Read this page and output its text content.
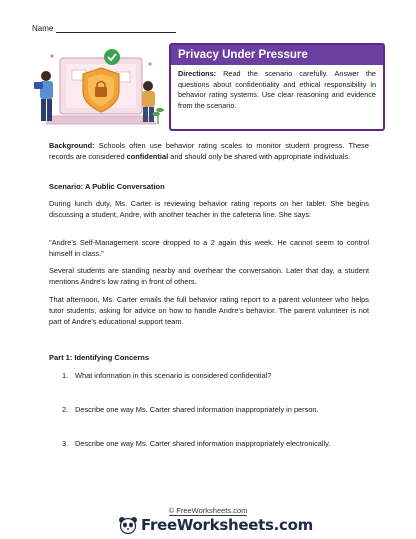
Name
Privacy Under Pressure
Directions: Read the scenario carefully. Answer the questions about confidentiality and ethical responsibility in behavior rating systems. Use clear reasoning and evidence from the scenario.

Background: Schools often use behavior rating scales to monitor student progress. These records are considered confidential and should only be shared with appropriate individuals.

Scenario: A Public Conversation
During lunch duty, Ms. Carter is reviewing behavior rating reports on her tablet. She begins discussing a student, Andre, with another teacher in the cafeteria line. She says:
"Andre's Self-Management score dropped to a 2 again this week. He cannot seem to control himself in class."
Several students are standing nearby and overhear the conversation. Later that day, a student mentions Andre's low rating in front of others.
That afternoon, Ms. Carter emails the full behavior rating report to a parent volunteer who helps tutor students, asking for advice on how to handle Andre's behavior. The parent volunteer is not part of Andre's educational support team.
Part 1: Identifying Concerns
1. What information in this scenario is considered confidential?
2. Describe one way Ms. Carter shared information inappropriately in person.
3. Describe one way Ms. Carter shared information inappropriately electronically.
© FreeWorksheets.com
FreeWorksheets.com
